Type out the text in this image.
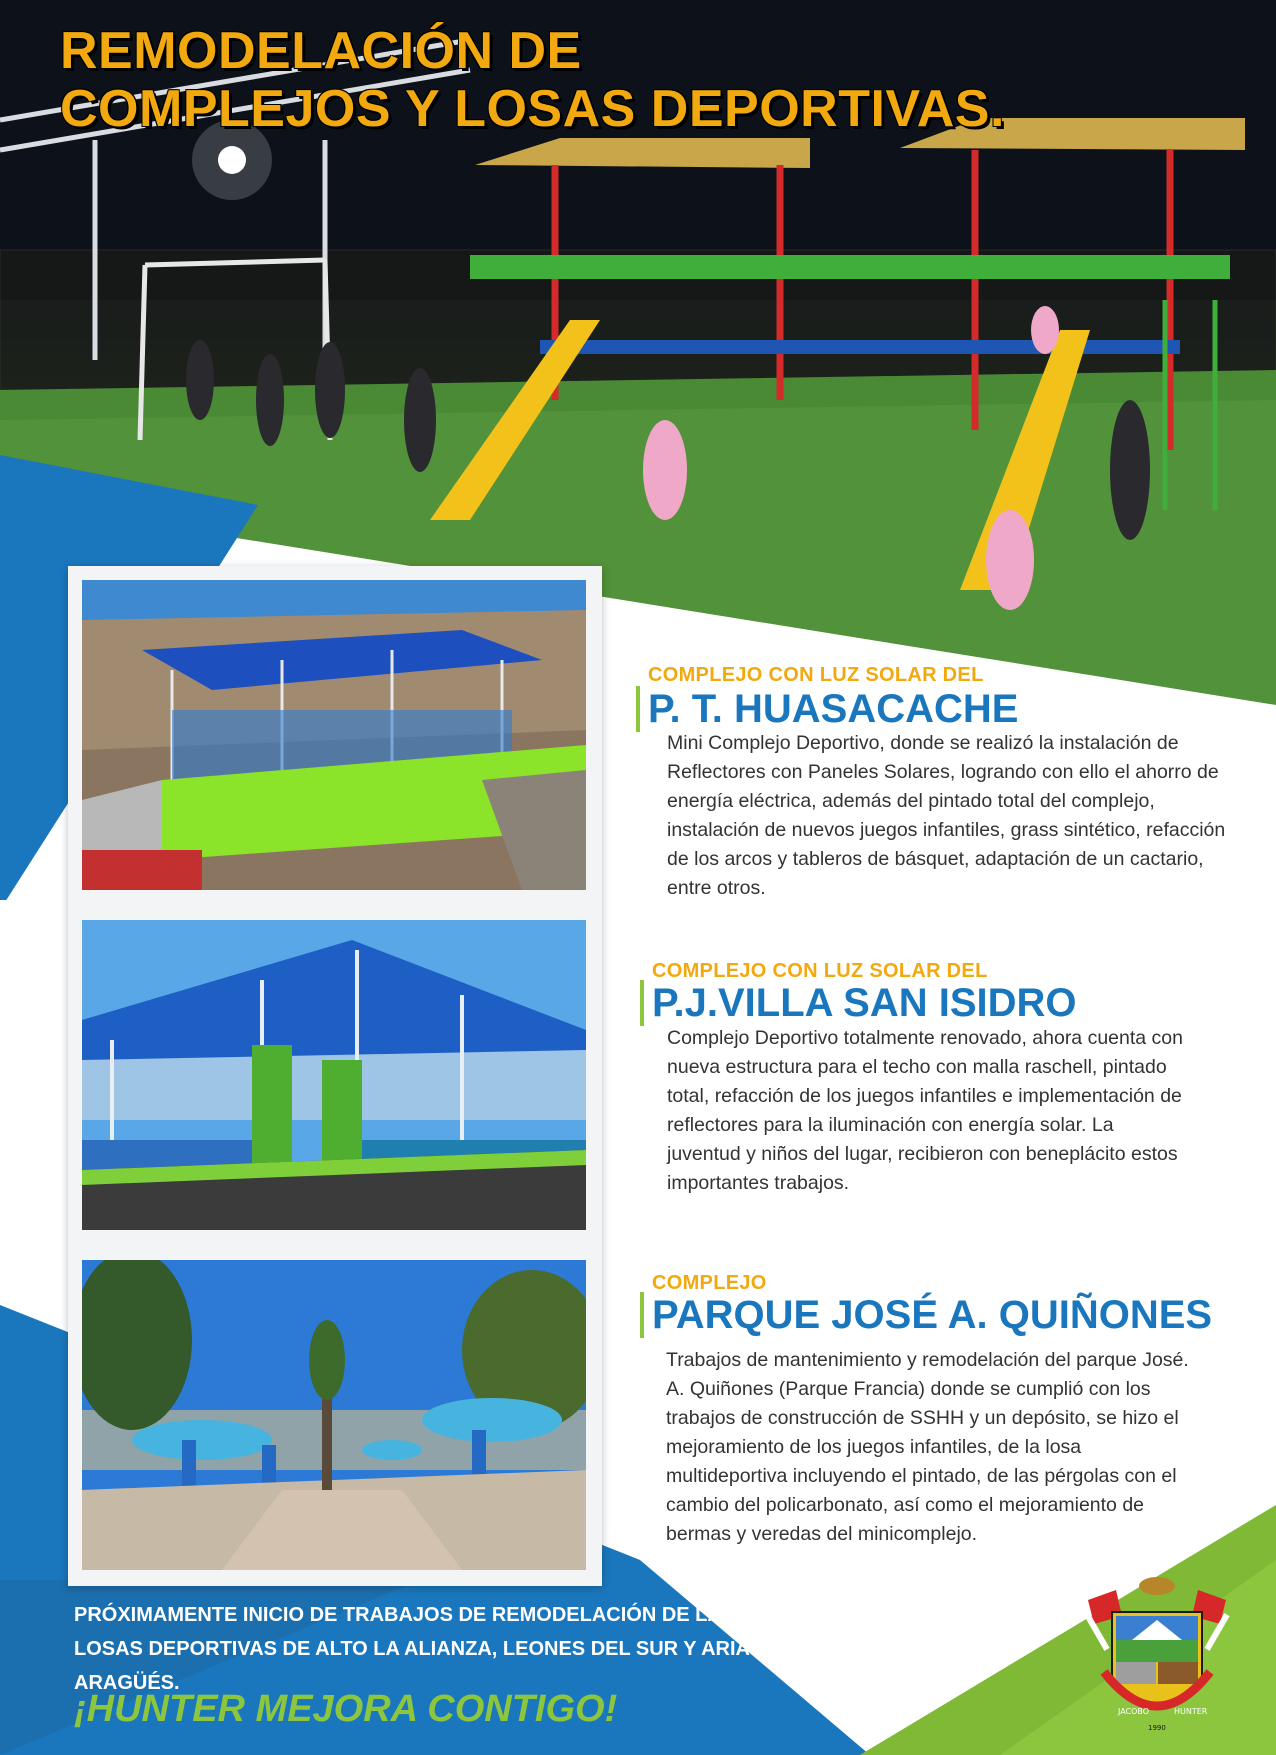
REMODELACIÓN DE
COMPLEJOS Y LOSAS DEPORTIVAS.
COMPLEJO CON LUZ SOLAR DEL
P. T. HUASACACHE
Mini Complejo Deportivo, donde se realizó la instalación de Reflectores con Paneles Solares, logrando con ello el ahorro de energía eléctrica, además del pintado total del complejo, instalación de nuevos juegos infantiles, grass sintético, refacción de los arcos y tableros de básquet, adaptación de un cactario, entre otros.
COMPLEJO CON LUZ SOLAR DEL
P.J.VILLA SAN ISIDRO
Complejo Deportivo totalmente renovado, ahora cuenta con nueva estructura para el techo con malla raschell, pintado total, refacción de los juegos infantiles e implementación de reflectores para la iluminación con energía solar. La juventud y niños del lugar, recibieron con beneplácito estos importantes trabajos.
COMPLEJO
PARQUE JOSÉ A. QUIÑONES
Trabajos de mantenimiento y remodelación del parque José. A. Quiñones (Parque Francia) donde se cumplió con los trabajos de construcción de SSHH y un depósito, se hizo el mejoramiento de los juegos infantiles, de la losa multideportiva incluyendo el pintado, de las pérgolas con el cambio del policarbonato, así como el mejoramiento de bermas y veredas del minicomplejo.
PRÓXIMAMENTE INICIO DE TRABAJOS DE REMODELACIÓN DE LAS
LOSAS DEPORTIVAS DE ALTO LA ALIANZA, LEONES DEL SUR Y ARIAS ARAGÜÉS.
¡HUNTER MEJORA CONTIGO!	JACOBO	HUNTER
1990
